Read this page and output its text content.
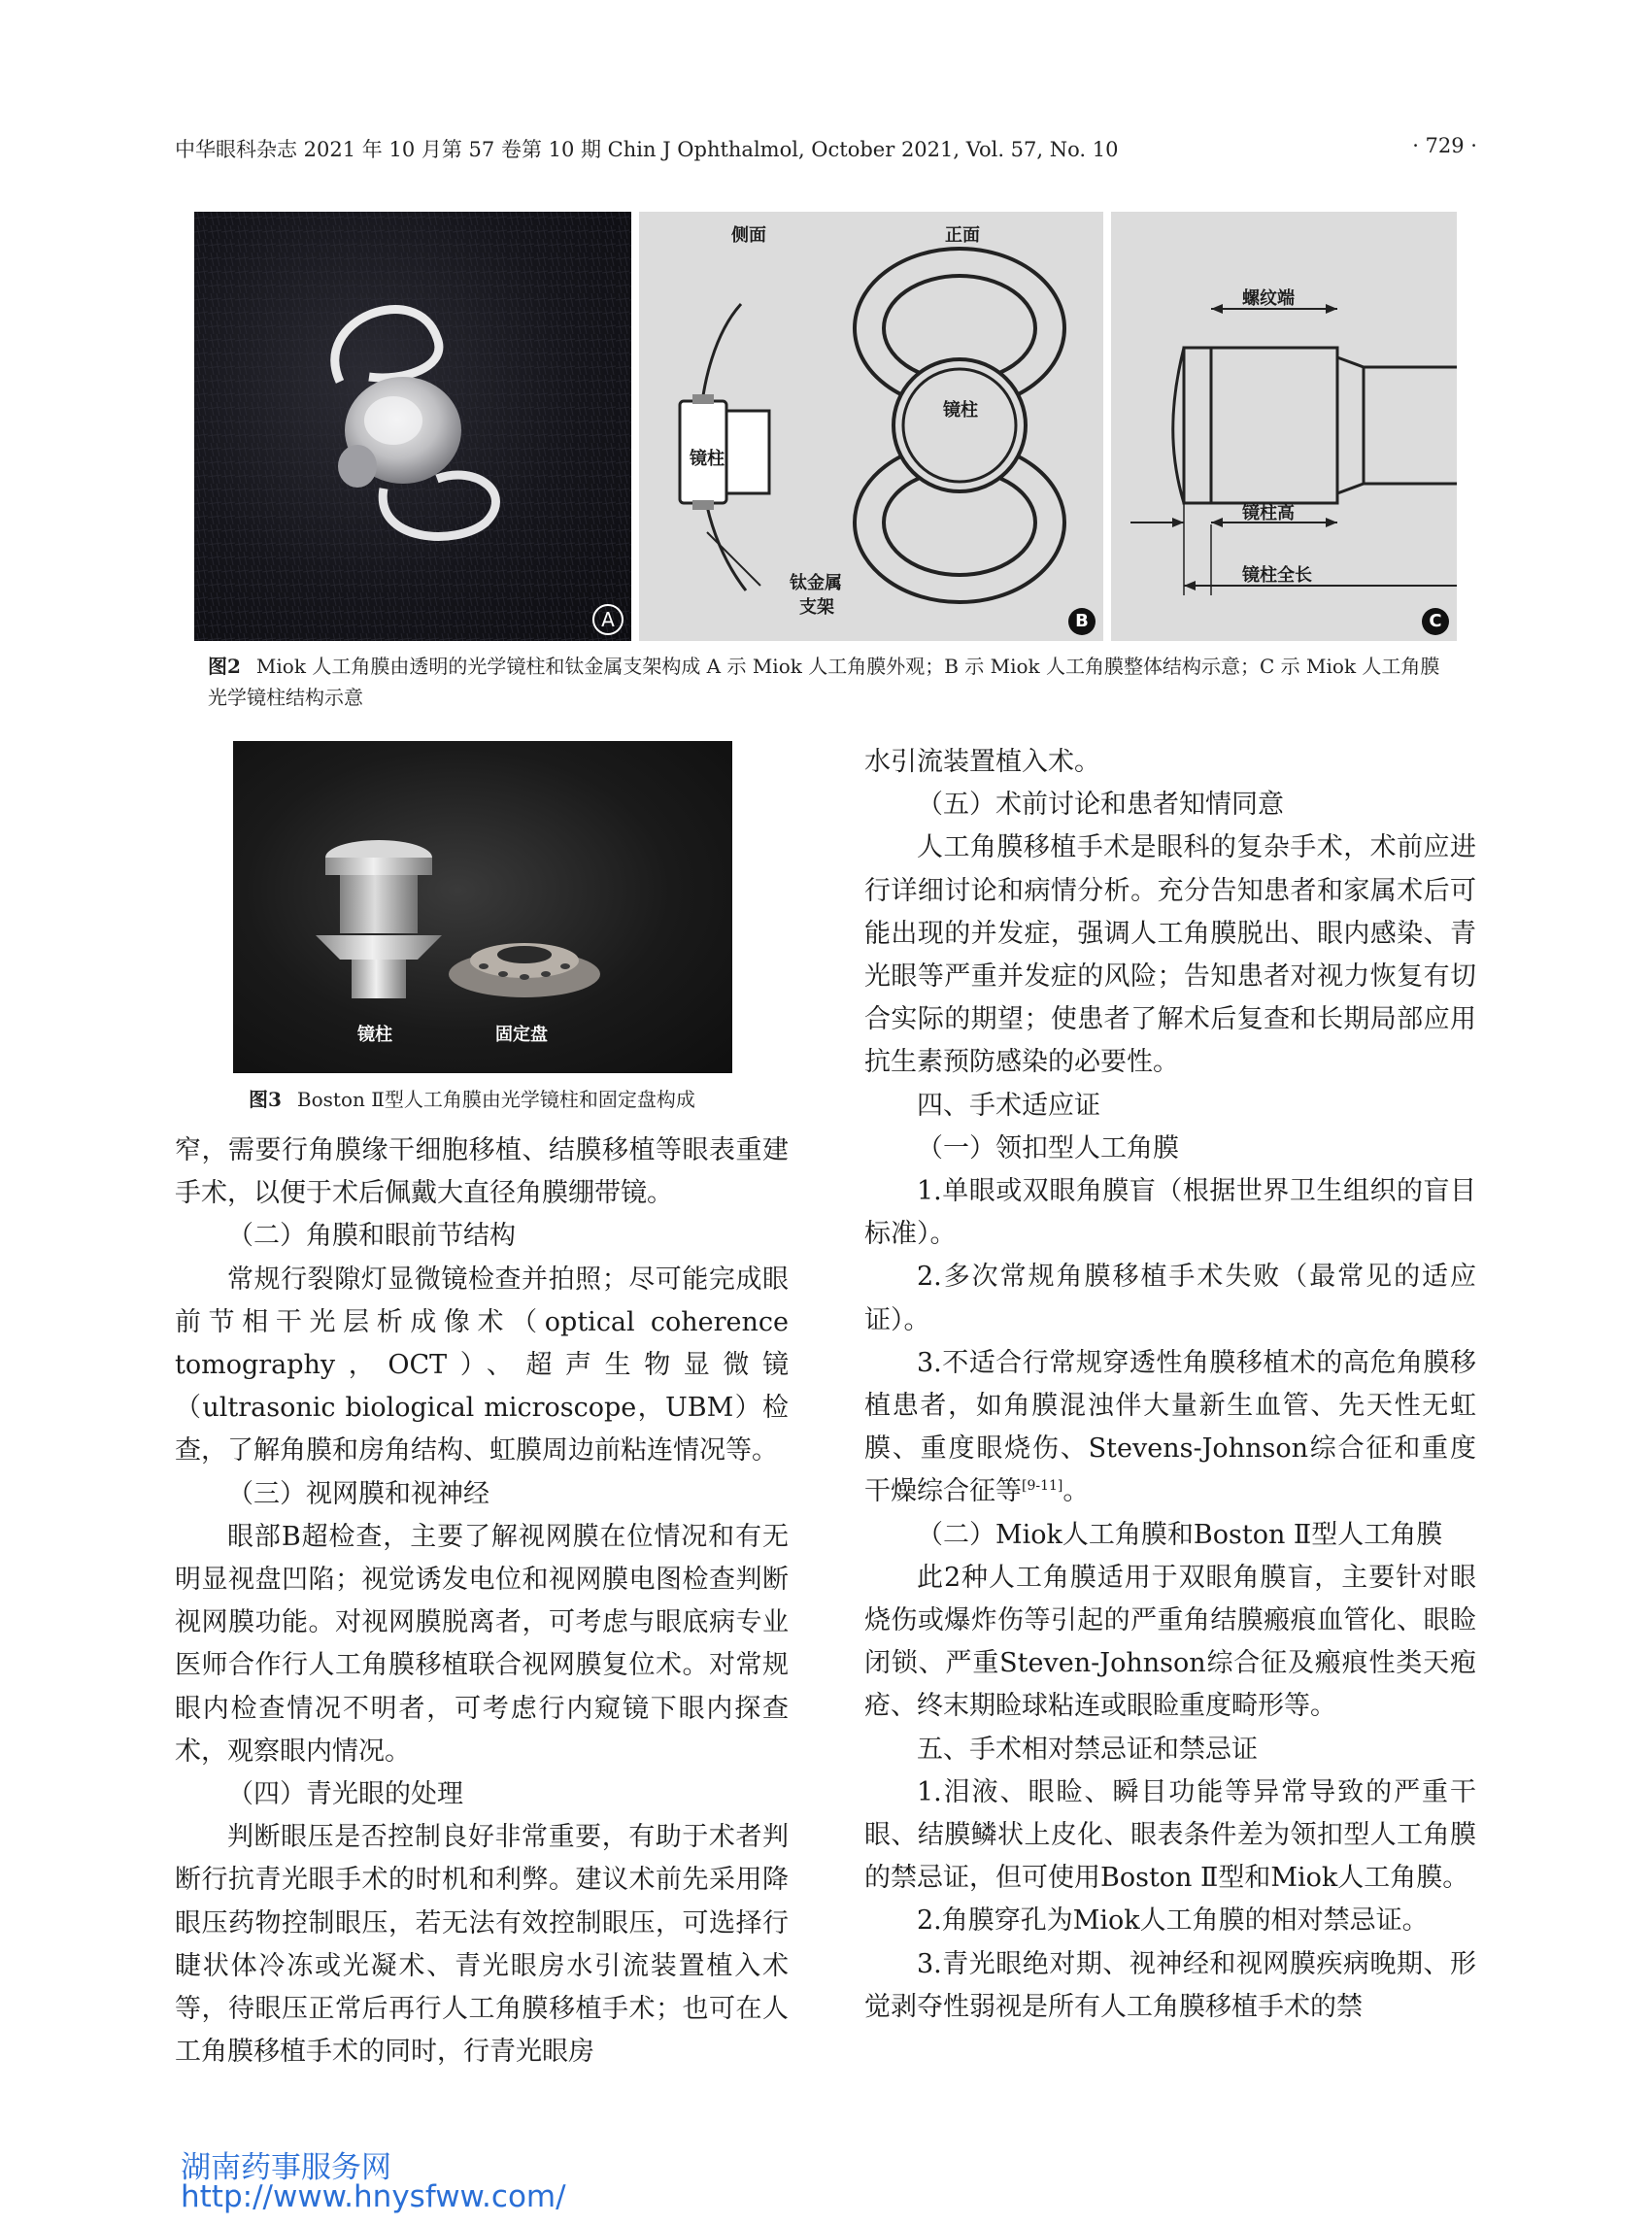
中华眼科杂志 2021 年 10 月第 57 卷第 10 期 Chin J Ophthalmol, October 2021, Vol. 57, No. 10	· 729 ·
A
侧面	正面
镜柱
镜柱
钛金属
支架
B
螺纹端
镜柱高
镜柱全长
C
图2 Miok 人工角膜由透明的光学镜柱和钛金属支架构成 A 示 Miok 人工角膜外观；B 示 Miok 人工角膜整体结构示意；C 示 Miok 人工角膜光学镜柱结构示意
镜柱	固定盘
图3 Boston Ⅱ型人工角膜由光学镜柱和固定盘构成

窄，需要行角膜缘干细胞移植、结膜移植等眼表重建手术，以便于术后佩戴大直径角膜绷带镜。

（二）角膜和眼前节结构

常规行裂隙灯显微镜检查并拍照；尽可能完成眼前节相干光层析成像术（optical coherence tomography，OCT）、超声生物显微镜（ultrasonic biological microscope，UBM）检查，了解角膜和房角结构、虹膜周边前粘连情况等。

（三）视网膜和视神经

眼部B超检查，主要了解视网膜在位情况和有无明显视盘凹陷；视觉诱发电位和视网膜电图检查判断视网膜功能。对视网膜脱离者，可考虑与眼底病专业医师合作行人工角膜移植联合视网膜复位术。对常规眼内检查情况不明者，可考虑行内窥镜下眼内探查术，观察眼内情况。

（四）青光眼的处理

判断眼压是否控制良好非常重要，有助于术者判断行抗青光眼手术的时机和利弊。建议术前先采用降眼压药物控制眼压，若无法有效控制眼压，可选择行睫状体冷冻或光凝术、青光眼房水引流装置植入术等，待眼压正常后再行人工角膜移植手术；也可在人工角膜移植手术的同时，行青光眼房

水引流装置植入术。

（五）术前讨论和患者知情同意

人工角膜移植手术是眼科的复杂手术，术前应进行详细讨论和病情分析。充分告知患者和家属术后可能出现的并发症，强调人工角膜脱出、眼内感染、青光眼等严重并发症的风险；告知患者对视力恢复有切合实际的期望；使患者了解术后复查和长期局部应用抗生素预防感染的必要性。

四、手术适应证

（一）领扣型人工角膜

1.单眼或双眼角膜盲（根据世界卫生组织的盲目标准）。

2.多次常规角膜移植手术失败（最常见的适应证）。

3.不适合行常规穿透性角膜移植术的高危角膜移植患者，如角膜混浊伴大量新生血管、先天性无虹膜、重度眼烧伤、Stevens-Johnson综合征和重度干燥综合征等[9-11]。

（二）Miok人工角膜和Boston Ⅱ型人工角膜

此2种人工角膜适用于双眼角膜盲，主要针对眼烧伤或爆炸伤等引起的严重角结膜瘢痕血管化、眼睑闭锁、严重Steven-Johnson综合征及瘢痕性类天疱疮、终末期睑球粘连或眼睑重度畸形等。

五、手术相对禁忌证和禁忌证

1.泪液、眼睑、瞬目功能等异常导致的严重干眼、结膜鳞状上皮化、眼表条件差为领扣型人工角膜的禁忌证，但可使用Boston Ⅱ型和Miok人工角膜。

2.角膜穿孔为Miok人工角膜的相对禁忌证。

3.青光眼绝对期、视神经和视网膜疾病晚期、形觉剥夺性弱视是所有人工角膜移植手术的禁

湖南药事服务网
http://www.hnysfww.com/
